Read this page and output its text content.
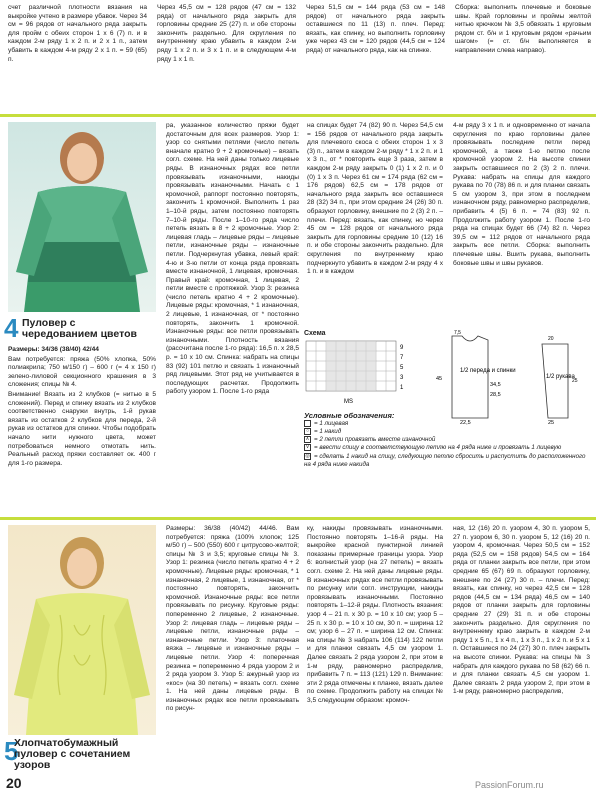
счет различной плотности вязания на выкройке учтено в размере убавок. Через 34 см = 96 рядов от начального ряда закрыть для пройм с обеих сторон 1 х 6 (7) п. и в каждом 2-м ряду 1 х 2 п. и 2 х 1 п., затем убавить в каждом 4-м ряду 2 х 1 п. = 59 (65) п.

Через 45,5 см = 128 рядов (47 см = 132 ряда) от начального ряда закрыть для горловины средние 25 (27) п. и обе стороны закончить раздельно. Для скругления по внутреннему краю убавить в каждом 2-м ряду 1 х 2 п. и 3 х 1 п. и в следующем 4-м ряду 1 х 1 п.

Через 51,5 см = 144 ряда (53 см = 148 рядов) от начального ряда закрыть оставшиеся по 11 (13) п. плеч. Перед: вязать, как спинку, но выполнить горловину уже через 43 см = 120 рядов (44,5 см = 124 ряда) от начального ряда, как на спинке.

Сборка: выполнить плечевые и боковые швы. Край горловины и проймы желтой нитью крючком № 3,5 обвязать 1 круговым рядом ст. б/н и 1 круговым рядом «рачьим шагом» (= ст. б/н выполняется в направлении слева направо).

4 Пуловер с чередованием цветов

Размеры: 34/36 (38/40) 42/44

Вам потребуется: пряжа (50% хлопка, 50% полиакрила; 750 м/150 г) – 600 г (= 4 х 150 г) зелено-лиловой секционного крашения в 3 сложения; спицы № 4.

Внимание! Вязать из 2 клубков (= нитью в 5 сложений). Перед и спинку вязать из 2 клубков соответственно снаружи внутрь, 1-й рукав вязать из остатков 2 клубков для переда, 2-й рукав из остатков для спинки. Чтобы подобрать начало нити нужного цвета, может потребоваться немного отмотать нить. Реальный расход пряжи составляет ок. 400 г для 1-го размера.

ра, указанное количество пряжи будет достаточным для всех размеров. Узор 1: узор со снятыми петлями (число петель вначале кратно 9 + 2 кромочные) – вязать согл. схеме. На ней даны только лицевые ряды. В изнаночных рядах все петли провязывать изнаночными, накиды провязывать изнаночными. Начать с 1 кромочной, раппорт постоянно повторять, закончить 1 кромочной. Выполнить 1 раз 1–10-й ряды, затем постоянно повторять 7–10-й ряды. После 1–10-го ряда число петель вязать в 8 + 2 кромочные. Узор 2: лицевая гладь – лицевые ряды – лицевые петли, изнаночные ряды – изнаночные петли. Подчеркнутая убавка, левый край: 4-ю и 3-ю петли от конца ряда провязать вместе изнаночной, 1 лицевая, кромочная. Правый край: кромочная, 1 лицевая, 2 петли вместе с протяжкой. Узор 3: резинка (число петель кратно 4 + 2 кромочные). Лицевые ряды: кромочная, * 1 изнаночная, 2 лицевые, 1 изнаночная, от * постоянно повторять, закончить 1 кромочной. Изнаночные ряды: все петли провязывать изнаночными. Плотность вязания (рассчитана после 1-го ряда): 16,5 п. х 28,5 р. = 10 х 10 см. Спинка: набрать на спицы 83 (92) 101 петлю и связать 1 изнаночный ряд лицевыми. Этот ряд не учитывается в последующих расчетах. Продолжить работу узором 1. После 1-го ряда

на спицах будет 74 (82) 90 п. Через 54,5 см = 156 рядов от начального ряда закрыть для плечевого скоса с обеих сторон 1 х 3 (3) п., затем в каждом 2-м ряду * 1 х 2 п. и 1 х 3 п., от * повторить еще 3 раза, затем в каждом 2-м ряду закрыть 0 (1) 1 х 2 п. и 0 (0) 1 х 3 п. Через 61 см = 174 ряда (62 см = 176 рядов) 62,5 см = 178 рядов от начального ряда закрыть все оставшиеся 28 (32) 34 п., при этом средние 24 (26) 30 п. образуют горловину, внешние по 2 (3) 2 п. – плечи. Перед: вязать, как спинку, но через 45 см = 128 рядов от начального ряда закрыть для горловины средние 10 (12) 16 п. и обе стороны закончить раздельно. Для скругления по внутреннему краю подчеркнуто убавить в каждом 2-м ряду 4 х 1 п. и в каждом

4-м ряду 3 х 1 п. и одновременно от начала скругления по краю горловины далее провязывать последние петли перед кромочной, а также 1-ю петлю после кромочной узором 2. На высоте спинки закрыть оставшиеся по 2 (3) 2 п. плечи. Рукава: набрать на спицы для каждого рукава по 70 (78) 86 п. и для планки связать 5 см узором 3, при этом в последнем изнаночном ряду, равномерно распределив, прибавить 4 (5) 6 п. = 74 (83) 92 п. Продолжить работу узором 1. После 1-го ряда на спицах будет 66 (74) 82 п. Через 39,5 см = 112 рядов от начального ряда закрыть все петли. Сборка: выполнить плечевые швы. Вшить рукава, выполнить боковые швы и швы рукавов.

Схема
9
7
5
3
1
MS
Условные обозначения:
= 1 лицевая
○ = 1 накид
∧ = 2 петли провязать вместе изнаночной
V = ввести спицу в соответствующую петлю на 4 ряда ниже и провязать 1 лицевую
◎ = сделать 1 накид на спицу, следующую петлю сбросить и распустить до расположенного на 4 ряда ниже накида
1/2 переда и спинки
1/2 рукава
45
34,5
28,5
22,5	25
7,5
20
25
5
Хлопчатобумажный пуловер с сочетанием узоров

Размеры: 36/38 (40/42) 44/46. Вам потребуется: пряжа (100% хлопок; 125 м/50 г) – 500 (550) 600 г цитрусово-желтой; спицы № 3 и 3,5; круговые спицы № 3. Узор 1: резинка (число петель кратно 4 + 2 кромочные). Лицевые ряды: кромочная, * 1 изнаночная, 2 лицевые, 1 изнаночная, от * постоянно повторять, закончить кромочной. Изнаночные ряды: все петли провязывать по рисунку. Круговые ряды: попеременно 2 лицевые, 2 изнаночные. Узор 2: лицевая гладь – лицевые ряды – лицевые петли, изнаночные ряды – изнаночные петли. Узор 3: платочная вязка – лицевые и изнаночные ряды – лицевые петли. Узор 4: поперечная резинка = попеременно 4 ряда узором 2 и 2 ряда узором 3. Узор 5: ажурный узор из «кос» (на 30 петель) = вязать согл. схеме 1. На ней даны лицевые ряды. В изнаночных рядах все петли провязывать по рисун-

ку, накиды провязывать изнаночными. Постоянно повторять 1–16-й ряды. На выкройке красной пунктирной линией показаны примерные границы узора. Узор 6: волнистый узор (на 27 петель) = вязать согл. схеме 2. На ней даны лицевые ряды. В изнаночных рядах все петли провязывать по рисунку или согл. инструкции, накиды провязывать изнаночными. Постоянно повторять 1–12-й ряды. Плотность вязания: узор 4 – 21 п. х 30 р. = 10 х 10 см; узор 5 – 25 п. х 30 р. = 10 х 10 см, 30 п. = ширина 12 см; узор 6 – 27 п. = ширина 12 см. Спинка: на спицы № 3 набрать 106 (114) 122 петли и для планки связать 4,5 см узором 1. Далее связать 2 ряда узором 2, при этом в 1-м ряду, равномерно распределив, прибавить 7 п. = 113 (121) 129 п. Внимание: эти 2 ряда отмечены к планке, вязать далее по схеме. Продолжить работу на спицах № 3,5 следующим образом: кромоч-

ная, 12 (16) 20 п. узором 4, 30 п. узором 5, 27 п. узором 6, 30 п. узором 5, 12 (16) 20 п. узором 4, кромочная. Через 50,5 см = 152 ряда (52,5 см = 158 рядов) 54,5 см = 164 ряда от планки закрыть все петли, при этом средние 65 (67) 69 п. образуют горловину, внешние по 24 (27) 30 п. – плечи. Перед: вязать, как спинку, но через 42,5 см = 128 рядов (44,5 см = 134 ряда) 46,5 см = 140 рядов от планки закрыть для горловины средние 27 (29) 31 п. и обе стороны закончить раздельно. Для скругления по внутреннему краю закрыть в каждом 2-м ряду 1 х 5 п., 1 х 4 п., 1 х 3 п., 1 х 2 п. и 5 х 1 п. Оставшиеся по 24 (27) 30 п. плеч закрыть на высоте спинки. Рукава: на спицы № 3 набрать для каждого рукава по 58 (62) 66 п. и для планки связать 4,5 см узором 1. Далее связать 2 ряда узором 2, при этом в 1-м ряду, равномерно распределив,

20	PassionForum.ru
